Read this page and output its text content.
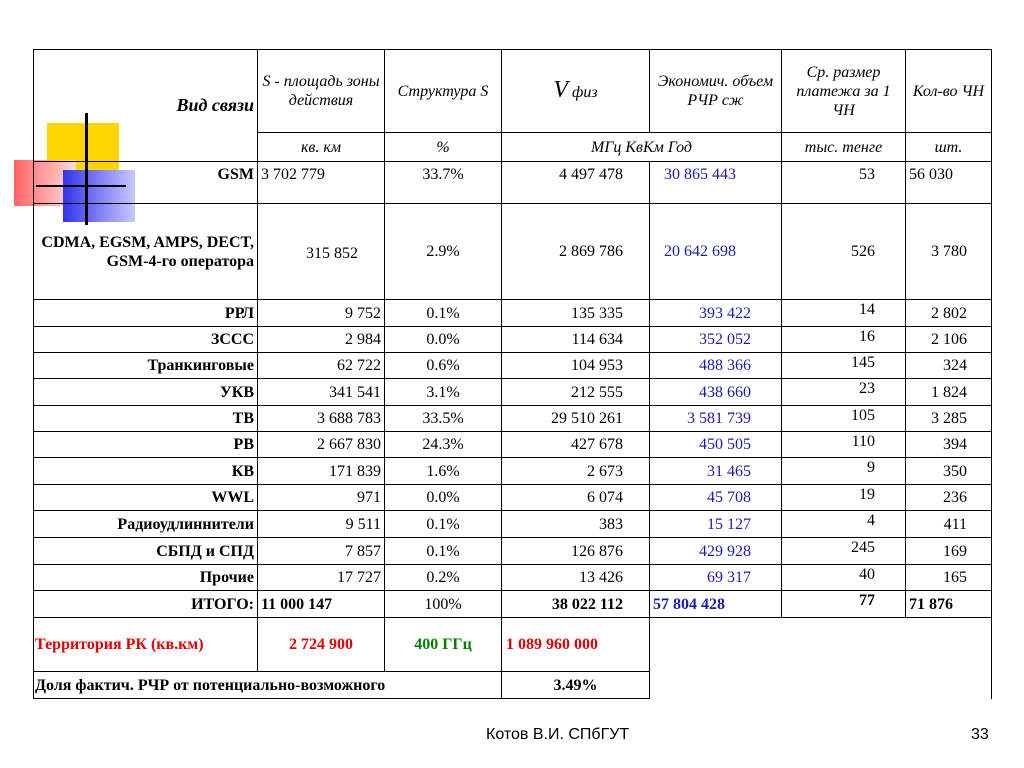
Вид связи	S - площадь зоны действия	Структура S	V физ	Экономич. объем РЧР сж	Ср. размер платежа за 1 ЧН	Кол-во ЧН
	кв. км	%	МГц КвКм Год		тыс. тенге	шт.
GSM	3 702 779	33.7%	4 497 478	30 865 443	53	56 030
CDMA, EGSM, AMPS, DECT, GSM-4-го оператора	315 852	2.9%	2 869 786	20 642 698	526	3 780
РРЛ	9 752	0.1%	135 335	393 422	14	2 802
ЗССС	2 984	0.0%	114 634	352 052	16	2 106
Транкинговые	62 722	0.6%	104 953	488 366	145	324
УКВ	341 541	3.1%	212 555	438 660	23	1 824
ТВ	3 688 783	33.5%	29 510 261	3 581 739	105	3 285
РВ	2 667 830	24.3%	427 678	450 505	110	394
КВ	171 839	1.6%	2 673	31 465	9	350
WWL	971	0.0%	6 074	45 708	19	236
Радиоудлиннители	9 511	0.1%	383	15 127	4	411
СБПД и СПД	7 857	0.1%	126 876	429 928	245	169
Прочие	17 727	0.2%	13 426	69 317	40	165
ИТОГО:	11 000 147	100%	38 022 112	57 804 428	77	71 876
Территория РК (кв.км)	2 724 900	400 ГГц	1 089 960 000			
Доля фактич. РЧР от потенциально-возможного			3.49%			
Котов В.И. СПбГУТ	33
